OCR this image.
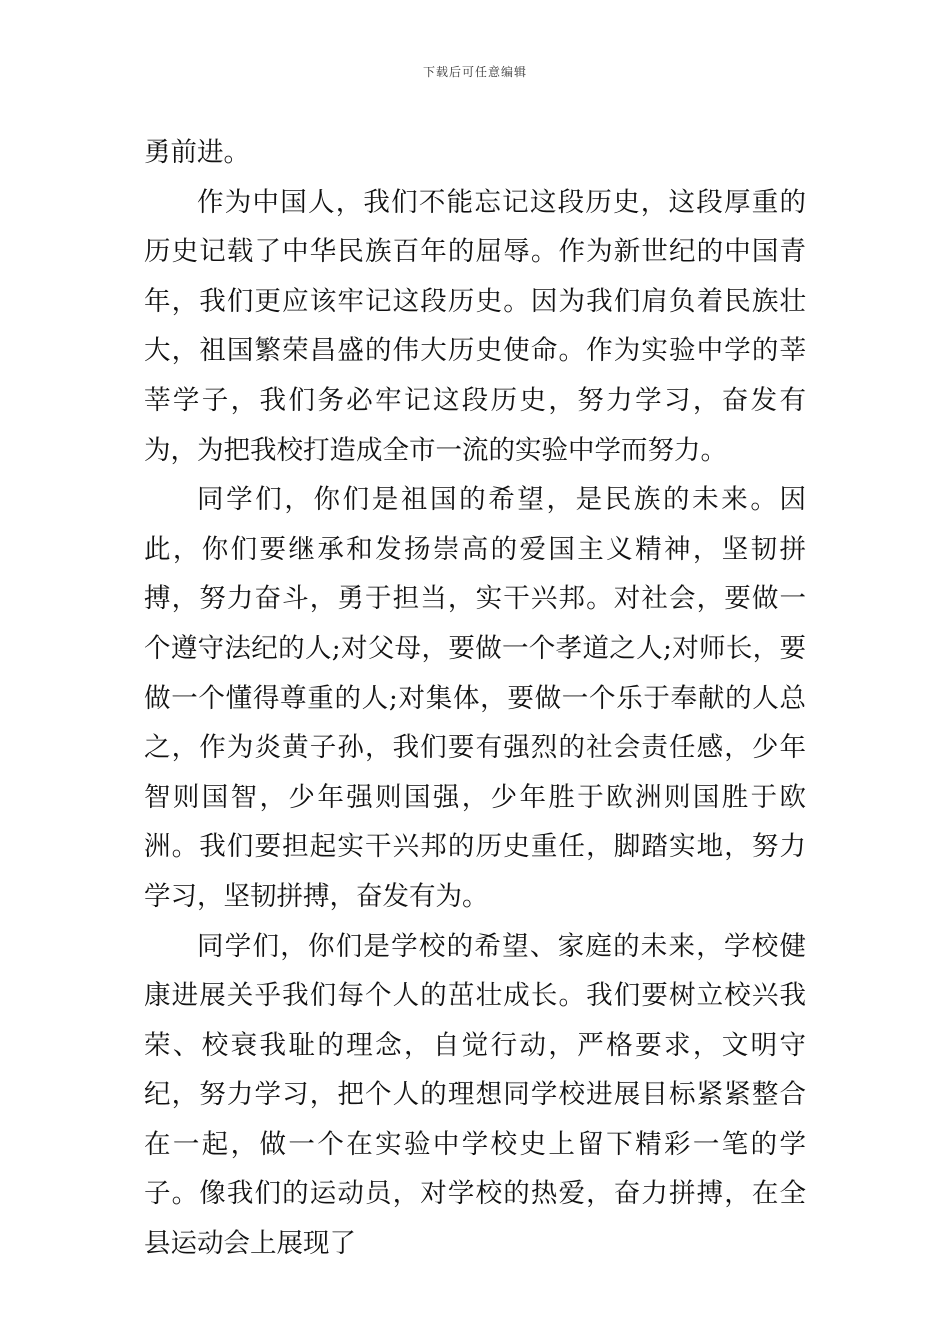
下载后可任意编辑

勇前进。

作为中国人，我们不能忘记这段历史，这段厚重的历史记载了中华民族百年的屈辱。作为新世纪的中国青年，我们更应该牢记这段历史。因为我们肩负着民族壮大，祖国繁荣昌盛的伟大历史使命。作为实验中学的莘莘学子，我们务必牢记这段历史，努力学习，奋发有为，为把我校打造成全市一流的实验中学而努力。

同学们，你们是祖国的希望，是民族的未来。因此，你们要继承和发扬崇高的爱国主义精神，坚韧拼搏，努力奋斗，勇于担当，实干兴邦。对社会，要做一个遵守法纪的人;对父母，要做一个孝道之人;对师长，要做一个懂得尊重的人;对集体，要做一个乐于奉献的人总之，作为炎黄子孙，我们要有强烈的社会责任感，少年智则国智，少年强则国强，少年胜于欧洲则国胜于欧洲。我们要担起实干兴邦的历史重任，脚踏实地，努力学习，坚韧拼搏，奋发有为。

同学们，你们是学校的希望、家庭的未来，学校健康进展关乎我们每个人的茁壮成长。我们要树立校兴我荣、校衰我耻的理念，自觉行动，严格要求，文明守纪，努力学习，把个人的理想同学校进展目标紧紧整合在一起，做一个在实验中学校史上留下精彩一笔的学子。像我们的运动员，对学校的热爱，奋力拼搏，在全县运动会上展现了
